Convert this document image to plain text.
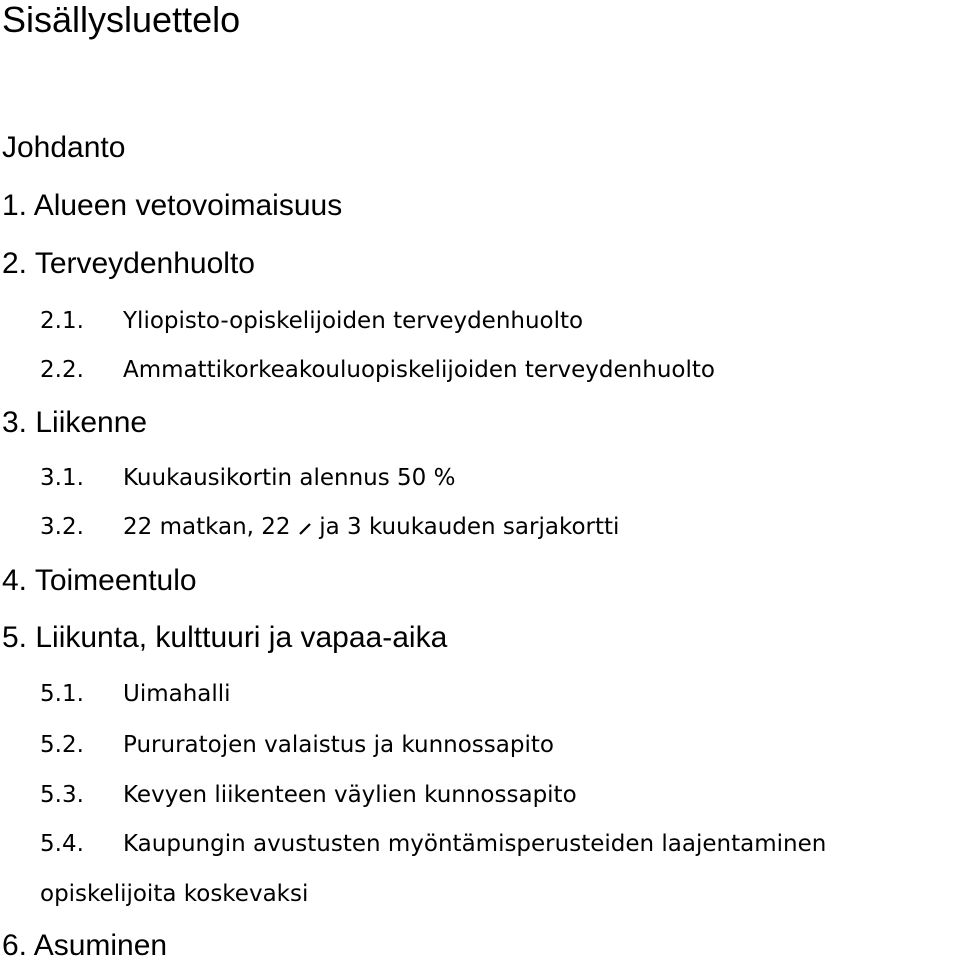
Sisällysluettelo
Johdanto
1. Alueen vetovoimaisuus
2. Terveydenhuolto
2.1. Yliopisto-opiskelijoiden terveydenhuolto
2.2. Ammattikorkeakouluopiskelijoiden terveydenhuolto
3. Liikenne
3.1. Kuukausikortin alennus 50 %
3.2. 22 matkan, 22 ja 3 kuukauden sarjakortti
4. Toimeentulo
5. Liikunta, kulttuuri ja vapaa-aika
5.1. Uimahalli
5.2. Pururatojen valaistus ja kunnossapito
5.3. Kevyen liikenteen väylien kunnossapito
5.4. Kaupungin avustusten myöntämisperusteiden laajentaminen
opiskelijoita koskevaksi
6. Asuminen
